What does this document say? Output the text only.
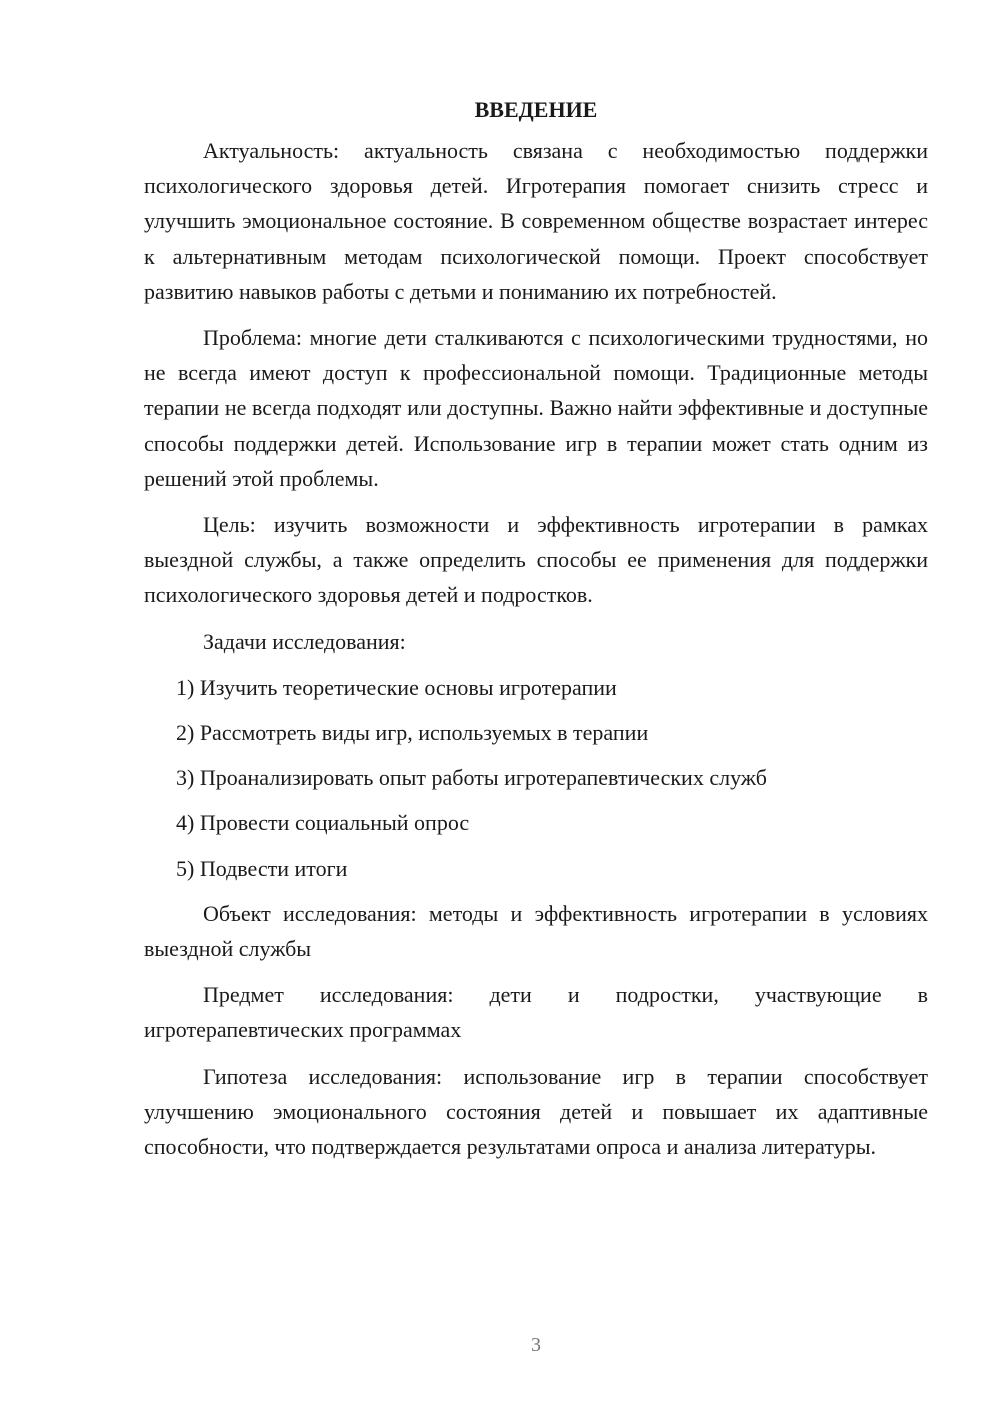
ВВЕДЕНИЕ

Актуальность: актуальность связана с необходимостью поддержки психологического здоровья детей. Игротерапия помогает снизить стресс и улучшить эмоциональное состояние. В современном обществе возрастает интерес к альтернативным методам психологической помощи. Проект способствует развитию навыков работы с детьми и пониманию их потребностей.

Проблема: многие дети сталкиваются с психологическими трудностями, но не всегда имеют доступ к профессиональной помощи. Традиционные методы терапии не всегда подходят или доступны. Важно найти эффективные и доступные способы поддержки детей. Использование игр в терапии может стать одним из решений этой проблемы.

Цель: изучить возможности и эффективность игротерапии в рамках выездной службы, а также определить способы ее применения для поддержки психологического здоровья детей и подростков.

Задачи исследования:

1) Изучить теоретические основы игротерапии
2) Рассмотреть виды игр, используемых в терапии
3) Проанализировать опыт работы игротерапевтических служб
4) Провести социальный опрос
5) Подвести итоги

Объект исследования: методы и эффективность игротерапии в условиях выездной службы

Предмет исследования: дети и подростки, участвующие в игротерапевтических программах

Гипотеза исследования: использование игр в терапии способствует улучшению эмоционального состояния детей и повышает их адаптивные способности, что подтверждается результатами опроса и анализа литературы.

3
